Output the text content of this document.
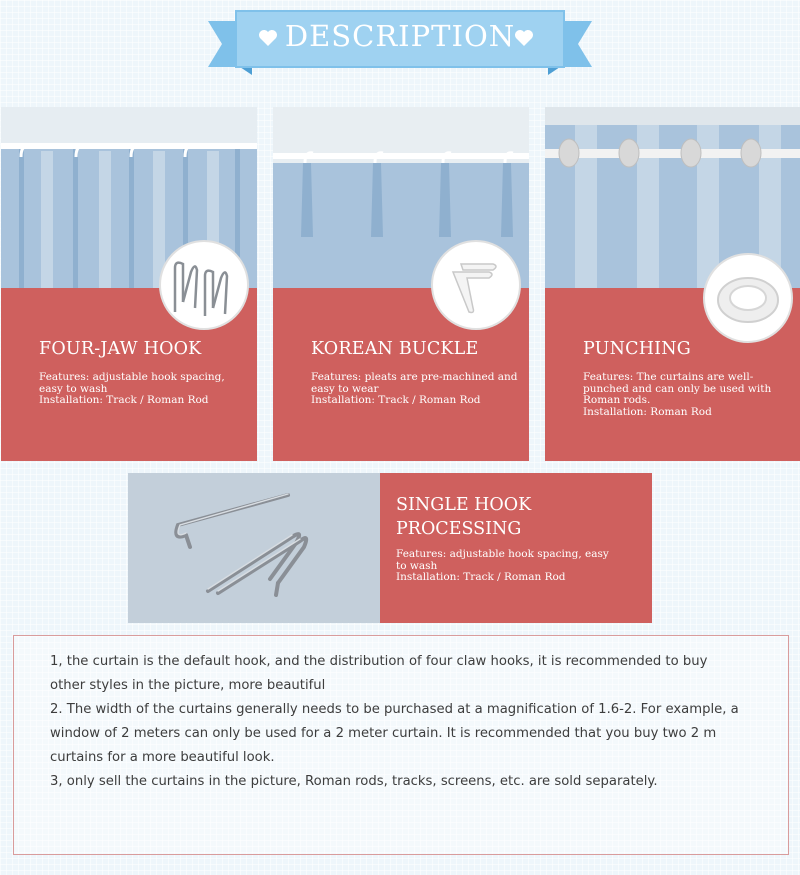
DESCRIPTION
FOUR-JAW HOOK
Features: adjustable hook spacing, easy to wash
Installation: Track / Roman Rod
KOREAN BUCKLE
Features: pleats are pre-machined and easy to wear
Installation: Track / Roman Rod
PUNCHING
Features: The curtains are well-punched and can only be used with Roman rods.
Installation: Roman Rod
SINGLE HOOK
PROCESSING
Features: adjustable hook spacing, easy to wash
Installation: Track / Roman Rod

1, the curtain is the default hook, and the distribution of four claw hooks, it is recommended to buy other styles in the picture, more beautiful

2. The width of the curtains generally needs to be purchased at a magnification of 1.6-2. For example, a window of 2 meters can only be used for a 2 meter curtain. It is recommended that you buy two 2 m curtains for a more beautiful look.

3, only sell the curtains in the picture, Roman rods, tracks, screens, etc. are sold separately.
